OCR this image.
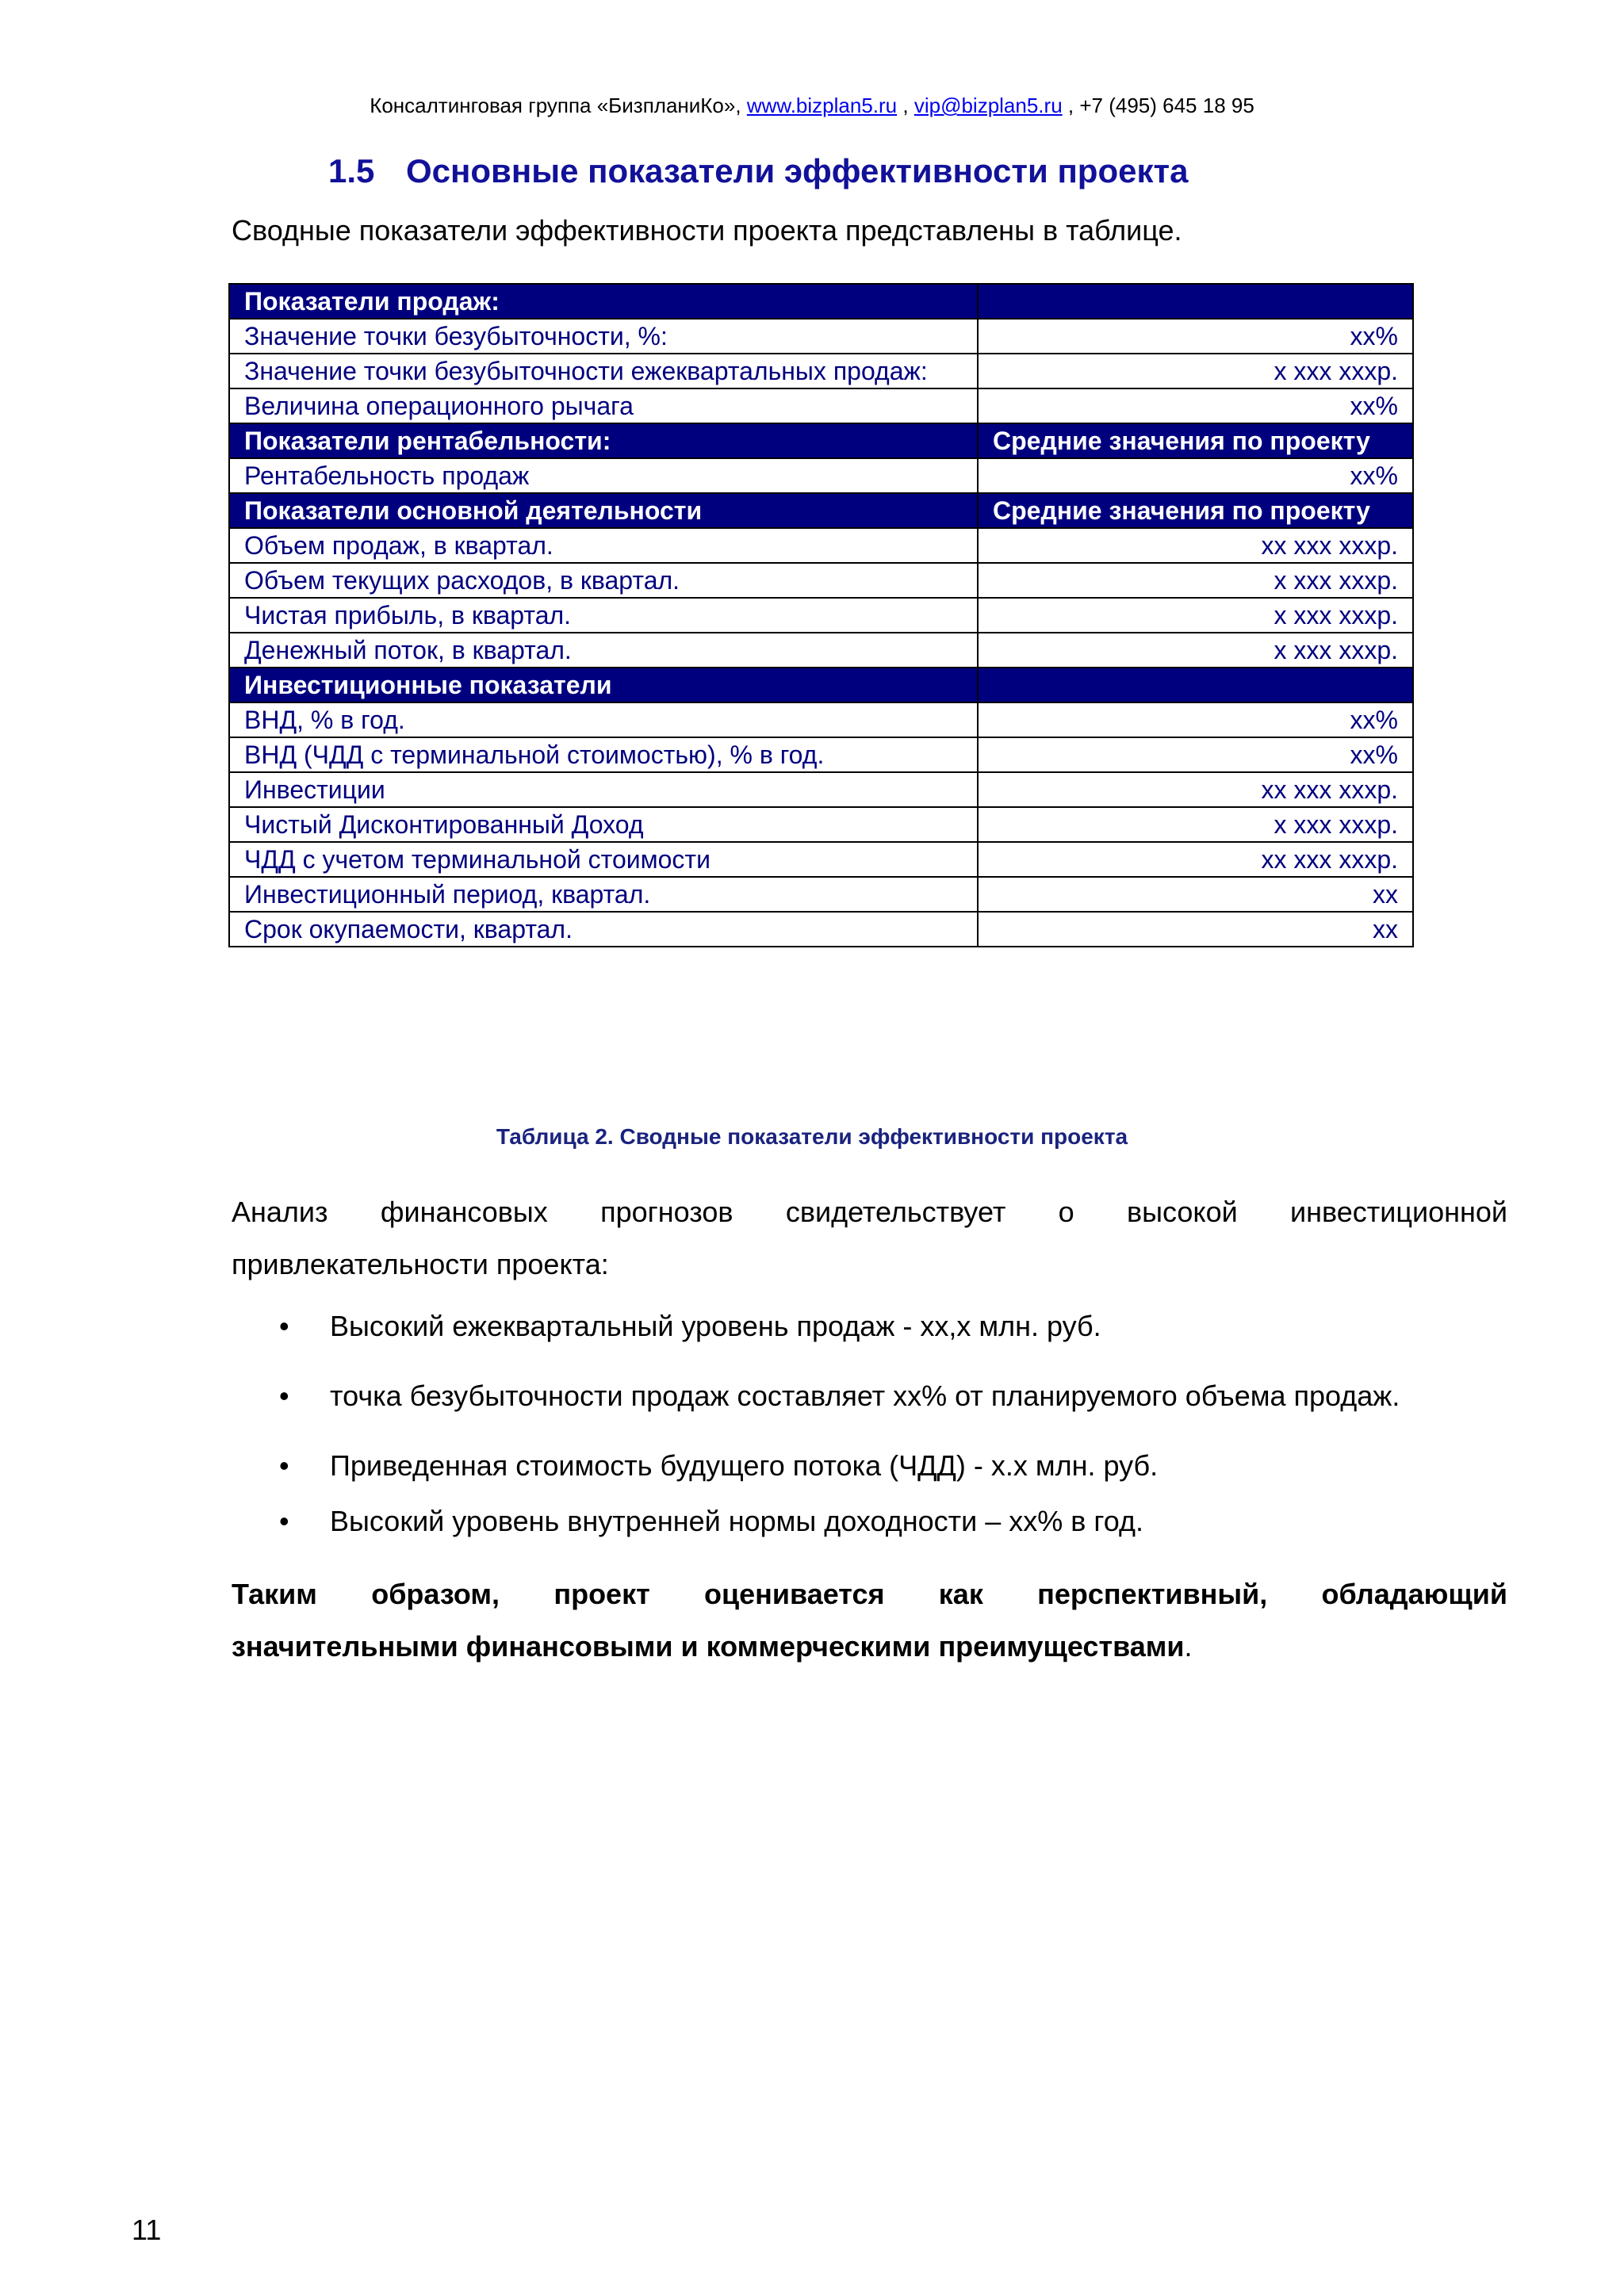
Консалтинговая группа «БизпланиКо», www.bizplan5.ru , vip@bizplan5.ru , +7 (495) 645 18 95
1.5 Основные показатели эффективности проекта
Сводные показатели эффективности проекта представлены в таблице.
Показатели продаж:	
Значение точки безубыточности, %:	хх%
Значение точки безубыточности ежеквартальных продаж:	х ххх хххр.
Величина операционного рычага	хх%
Показатели рентабельности:	Средние значения по проекту
Рентабельность продаж	хх%
Показатели основной деятельности	Средние значения по проекту
Объем продаж, в квартал.	хх ххх хххр.
Объем текущих расходов, в квартал.	х ххх хххр.
Чистая прибыль, в квартал.	х ххх хххр.
Денежный поток, в квартал.	х ххх хххр.
Инвестиционные показатели	
ВНД, % в год.	хх%
ВНД (ЧДД с терминальной стоимостью), % в год.	хх%
Инвестиции	хх ххх хххр.
Чистый Дисконтированный Доход	х ххх хххр.
ЧДД с учетом терминальной стоимости	хх ххх хххр.
Инвестиционный период, квартал.	хх
Срок окупаемости, квартал.	хх
Таблица 2. Сводные показатели эффективности проекта
Анализ финансовых прогнозов свидетельствует о высокой инвестиционной
привлекательности проекта:
• Высокий ежеквартальный уровень продаж - хх,х млн. руб.
• точка безубыточности продаж составляет хх% от планируемого объема продаж.
• Приведенная стоимость будущего потока (ЧДД) - х.х млн. руб.
• Высокий уровень внутренней нормы доходности – хх% в год.
Таким образом, проект оценивается как перспективный, обладающий
значительными финансовыми и коммерческими преимуществами.
11
